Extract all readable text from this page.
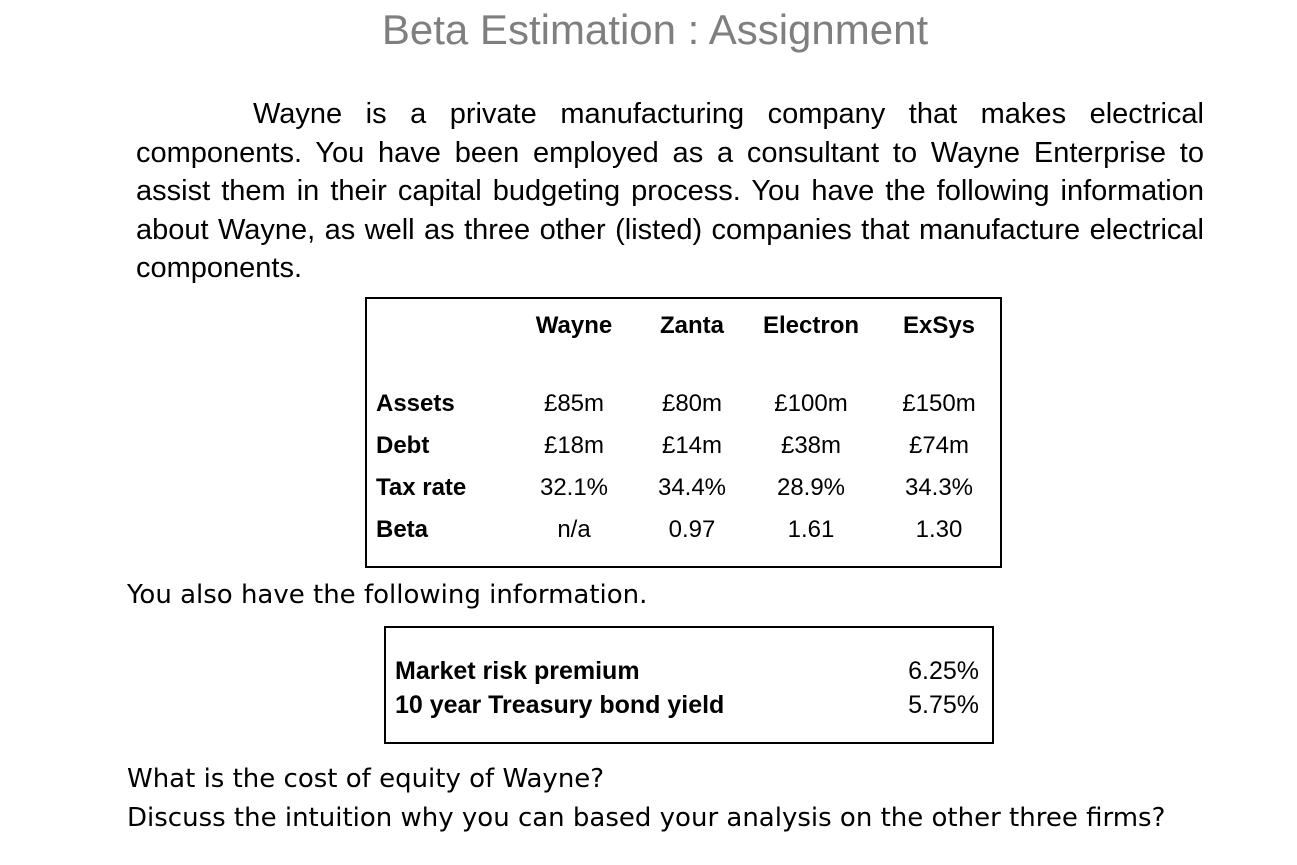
Beta Estimation : Assignment

Wayne is a private manufacturing company that makes electrical components. You have been employed as a consultant to Wayne Enterprise to assist them in their capital budgeting process. You have the following information about Wayne, as well as three other (listed) companies that manufacture electrical components.

Wayne Zanta Electron ExSys
Assets	£85m £80m £100m £150m
Debt	£18m £14m £38m	£74m
Tax rate	32.1% 34.4% 28.9% 34.3%
Beta	n/a	0.97	1.61	1.30
You also have the following information.
Market risk premium	6.25%
10 year Treasury bond yield	5.75%
What is the cost of equity of Wayne?
Discuss the intuition why you can based your analysis on the other three firms?
